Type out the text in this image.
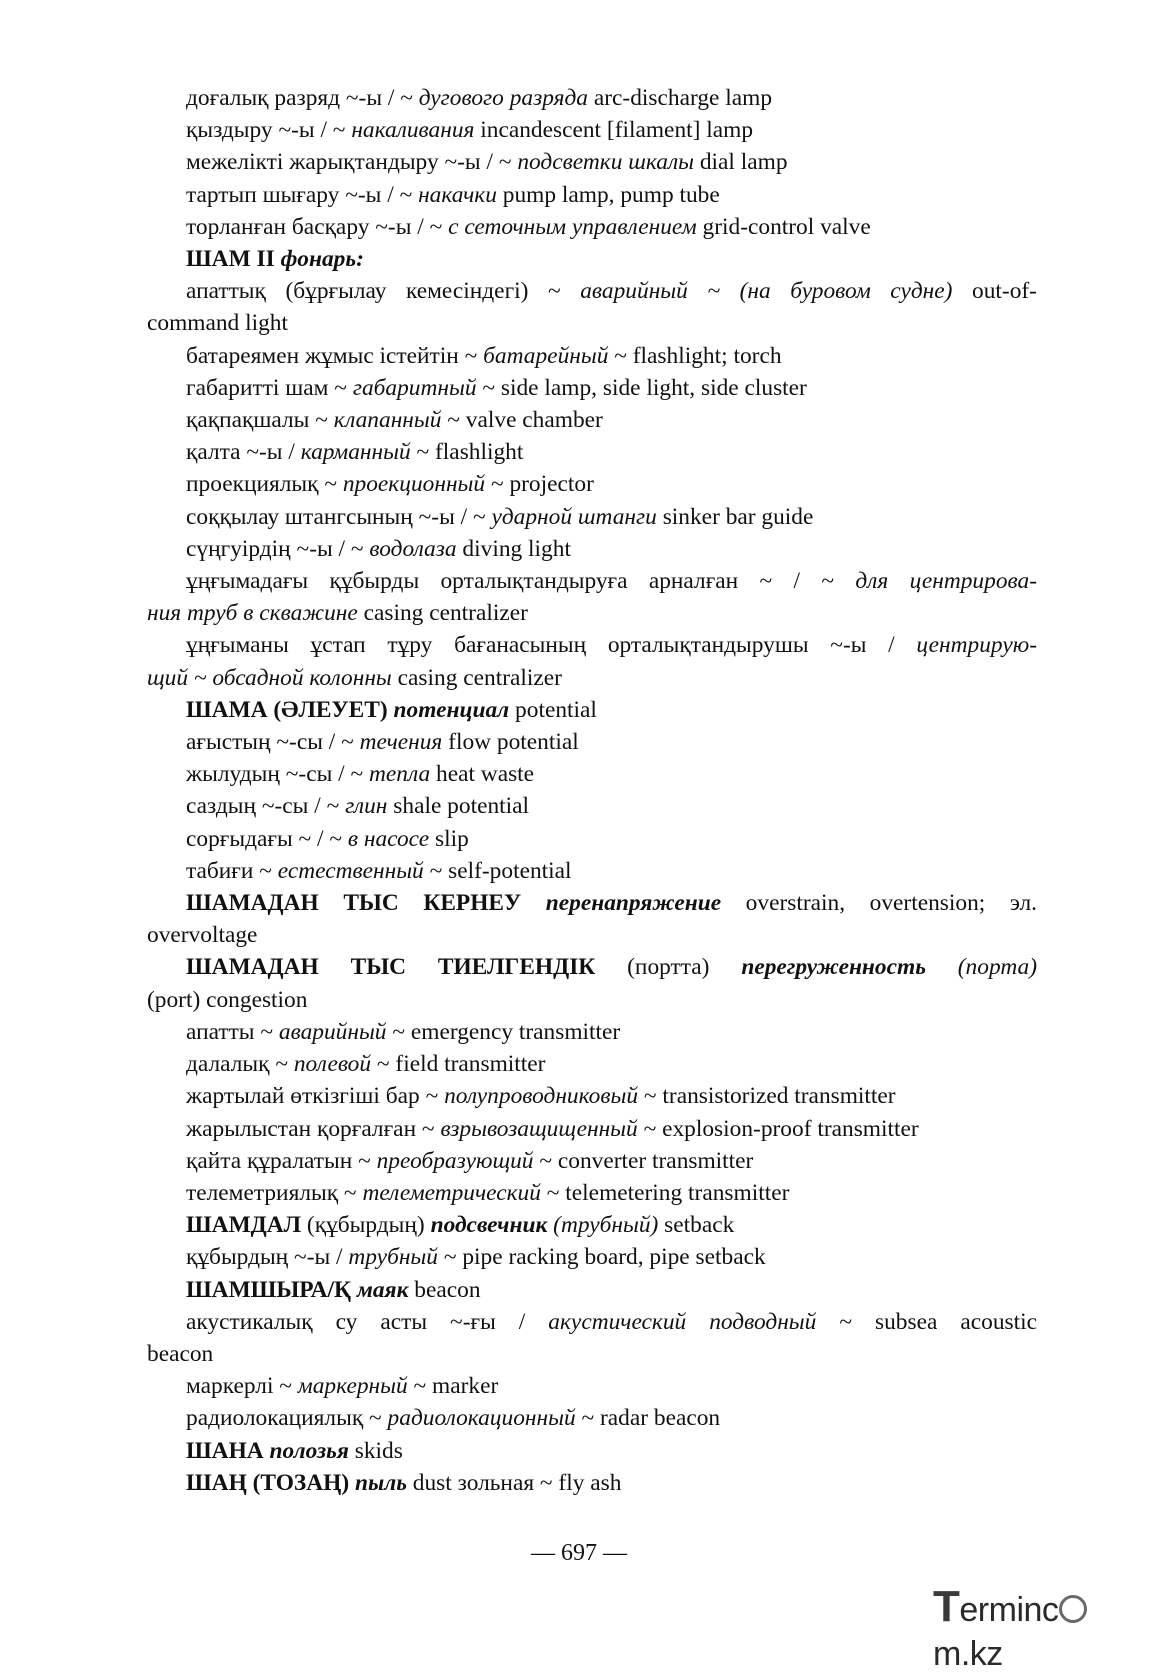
доғалық разряд ~-ы / ~ дугового разряда arc-discharge lamp
қыздыру ~-ы / ~ накаливания incandescent [filament] lamp
межелікті жарықтандыру ~-ы / ~ подсветки шкалы dial lamp
тартып шығару ~-ы / ~ накачки pump lamp, pump tube
торланған басқару ~-ы / ~ с сеточным управлением grid-control valve
ШАМ II фонарь:
апаттық (бұрғылау кемесіндегі) ~ аварийный ~ (на буровом судне) out-of-
command light
батареямен жұмыс істейтін ~ батарейный ~ flashlight; torch
габаритті шам ~ габаритный ~ side lamp, side light, side cluster
қақпақшалы ~ клапанный ~ valve chamber
қалта ~-ы / карманный ~ flashlight
проекциялық ~ проекционный ~ projector
соққылау штангсының ~-ы / ~ ударной штанги sinker bar guide
сүңгуірдің ~-ы / ~ водолаза diving light
ұңғымадағы құбырды орталықтандыруға арналған ~ / ~ для центрирова-
ния труб в скважине casing centralizer
ұңғыманы ұстап тұру бағанасының орталықтандырушы ~-ы / центрирую-
щий ~ обсадной колонны casing centralizer
ШАМА (ӘЛЕУЕТ) потенциал potential
ағыстың ~-сы / ~ течения flow potential
жылудың ~-сы / ~ тепла heat waste
саздың ~-сы / ~ глин shale potential
сорғыдағы ~ / ~ в насосе slip
табиғи ~ естественный ~ self-potential
ШАМАДАН ТЫС КЕРНЕУ перенапряжение overstrain, overtension; эл.
overvoltage
ШАМАДАН ТЫС ТИЕЛГЕНДІК (портта) перегруженность (порта)
(port) congestion
апатты ~ аварийный ~ emergency transmitter
далалық ~ полевой ~ field transmitter
жартылай өткізгіші бар ~ полупроводниковый ~ transistorized transmitter
жарылыстан қорғалған ~ взрывозащищенный ~ explosion-proof transmitter
қайта құралатын ~ преобразующий ~ converter transmitter
телеметриялық ~ телеметрический ~ telemetering transmitter
ШАМДАЛ (құбырдың) подсвечник (трубный) setback
құбырдың ~-ы / трубный ~ pipe racking board, pipe setback
ШАМШЫРА/Қ маяк beacon
акустикалық су асты ~-ғы / акустический подводный ~ subsea acoustic
beacon
маркерлі ~ маркерный ~ marker
радиолокациялық ~ радиолокационный ~ radar beacon
ШАНА полозья skids
ШАҢ (ТОЗАҢ) пыль dust зольная ~ fly ash
— 697 —
Termincm.kz
